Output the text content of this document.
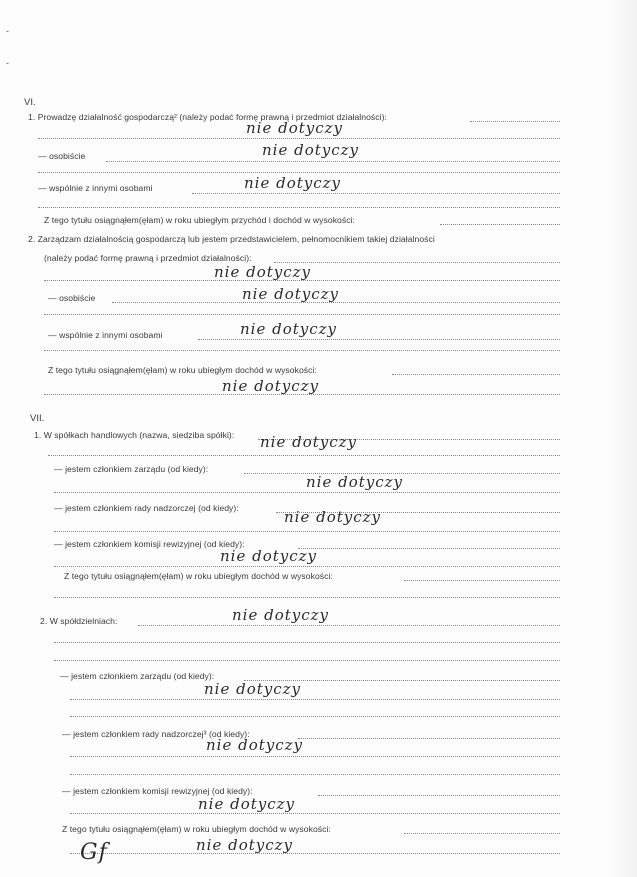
-
-
VI.
1. Prowadzę działalność gospodarczą² (należy podać formę prawną i przedmiot działalności):
nie dotyczy
— osobiście	nie dotyczy
— wspólnie z innymi osobami	nie dotyczy
Z tego tytułu osiągnąłem(ęłam) w roku ubiegłym przychód i dochód w wysokości:
2. Zarządzam działalnością gospodarczą lub jestem przedstawicielem, pełnomocnikiem takiej działalności
(należy podać formę prawną i przedmiot działalności):
nie dotyczy
— osobiście	nie dotyczy
— wspólnie z innymi osobami	nie dotyczy
Z tego tytułu osiągnąłem(ęłam) w roku ubiegłym dochód w wysokości:
nie dotyczy
VII.
1. W spółkach handlowych (nazwa, siedziba spółki): nie dotyczy
— jestem członkiem zarządu (od kiedy):
nie dotyczy
— jestem członkiem rady nadzorczej (od kiedy):	nie dotyczy
— jestem członkiem komisji rewizyjnej (od kiedy):
nie dotyczy
Z tego tytułu osiągnąłem(ęłam) w roku ubiegłym dochód w wysokości:
2. W spółdzielniach:	nie dotyczy
— jestem członkiem zarządu (od kiedy):
nie dotyczy
— jestem członkiem rady nadzorczej³ (od kiedy):
nie dotyczy
— jestem członkiem komisji rewizyjnej (od kiedy):
nie dotyczy
Z tego tytułu osiągnąłem(ęłam) w roku ubiegłym dochód w wysokości:
nie dotyczy
Gf
